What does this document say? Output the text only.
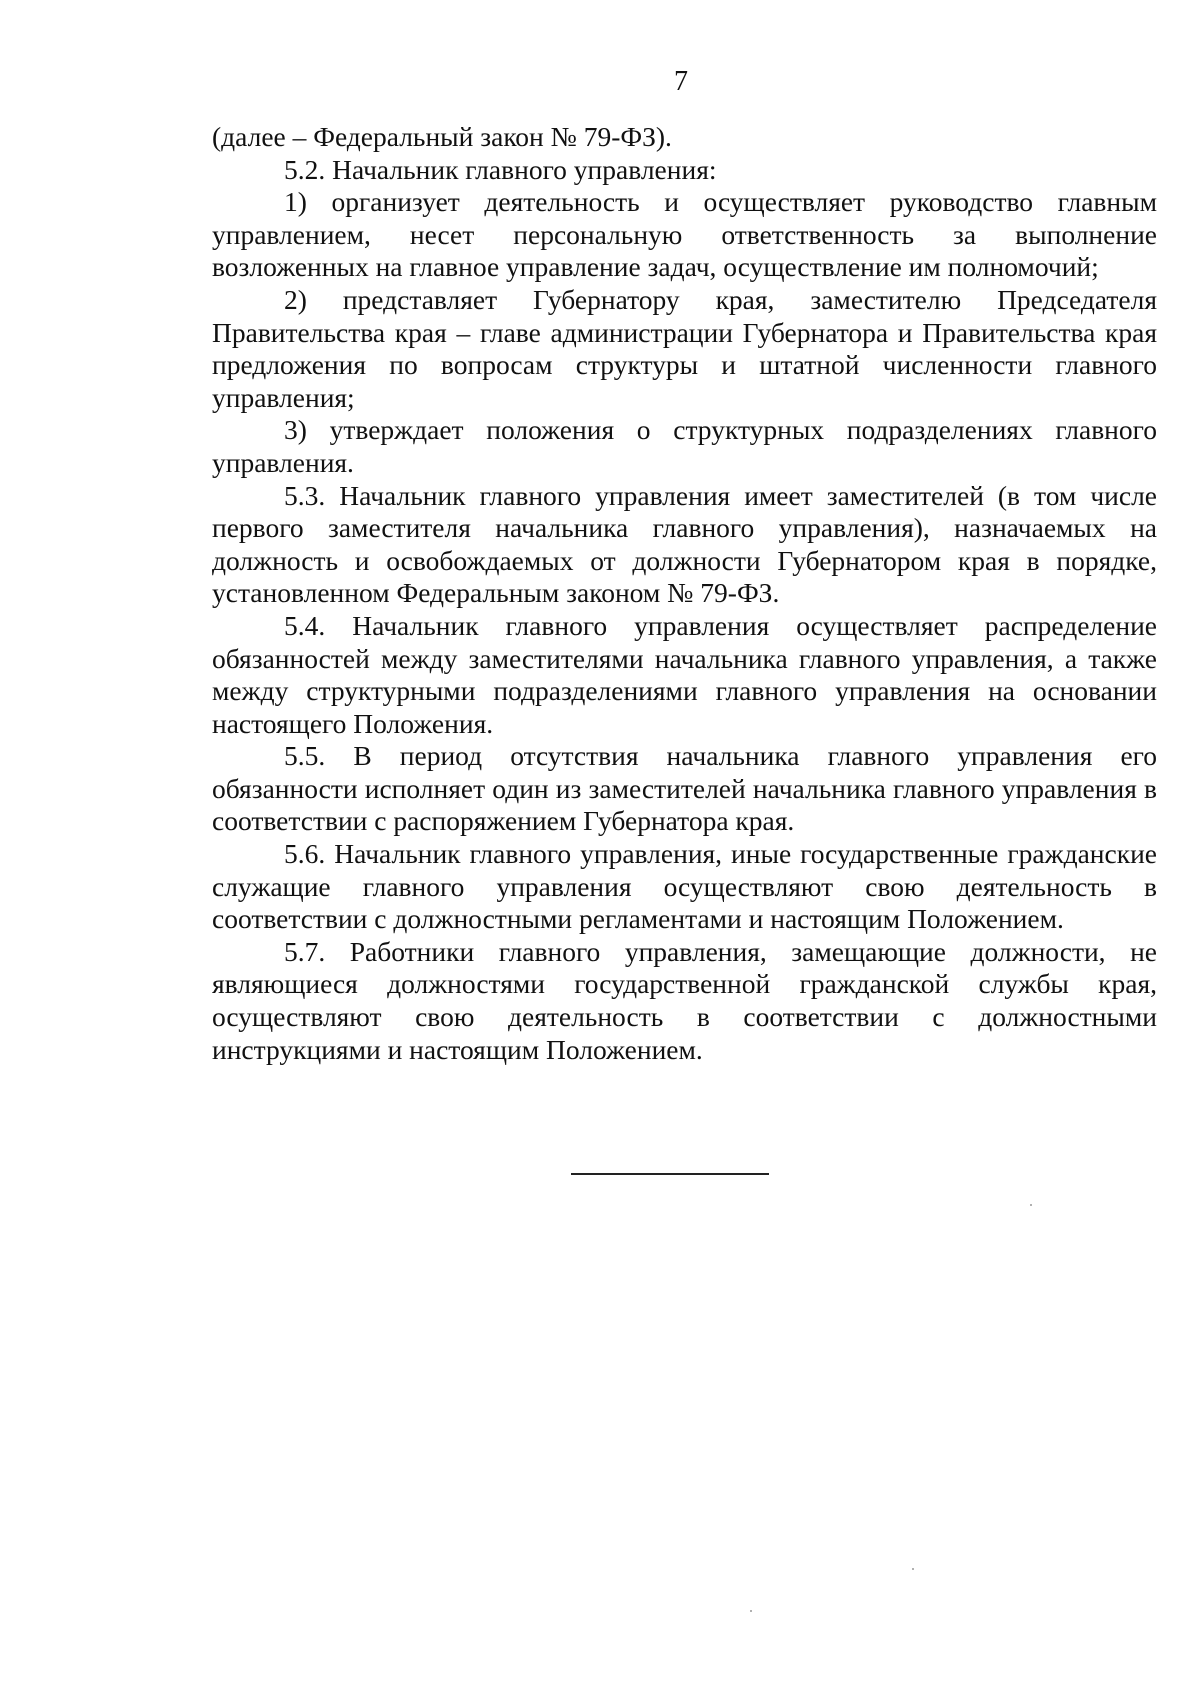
7

(далее – Федеральный закон № 79-ФЗ).

5.2. Начальник главного управления:

1) организует деятельность и осуществляет руководство главным управлением, несет персональную ответственность за выполнение возложенных на главное управление задач, осуществление им полномочий;

2) представляет Губернатору края, заместителю Председателя Правительства края – главе администрации Губернатора и Правительства края предложения по вопросам структуры и штатной численности главного управления;

3) утверждает положения о структурных подразделениях главного управления.

5.3. Начальник главного управления имеет заместителей (в том числе первого заместителя начальника главного управления), назначаемых на должность и освобождаемых от должности Губернатором края в порядке, установленном Федеральным законом № 79-ФЗ.

5.4. Начальник главного управления осуществляет распределение обязанностей между заместителями начальника главного управления, а также между структурными подразделениями главного управления на основании настоящего Положения.

5.5. В период отсутствия начальника главного управления его обязанности исполняет один из заместителей начальника главного управления в соответствии с распоряжением Губернатора края.

5.6. Начальник главного управления, иные государственные гражданские служащие главного управления осуществляют свою деятельность в соответствии с должностными регламентами и настоящим Положением.

5.7. Работники главного управления, замещающие должности, не являющиеся должностями государственной гражданской службы края, осуществляют свою деятельность в соответствии с должностными инструкциями и настоящим Положением.
